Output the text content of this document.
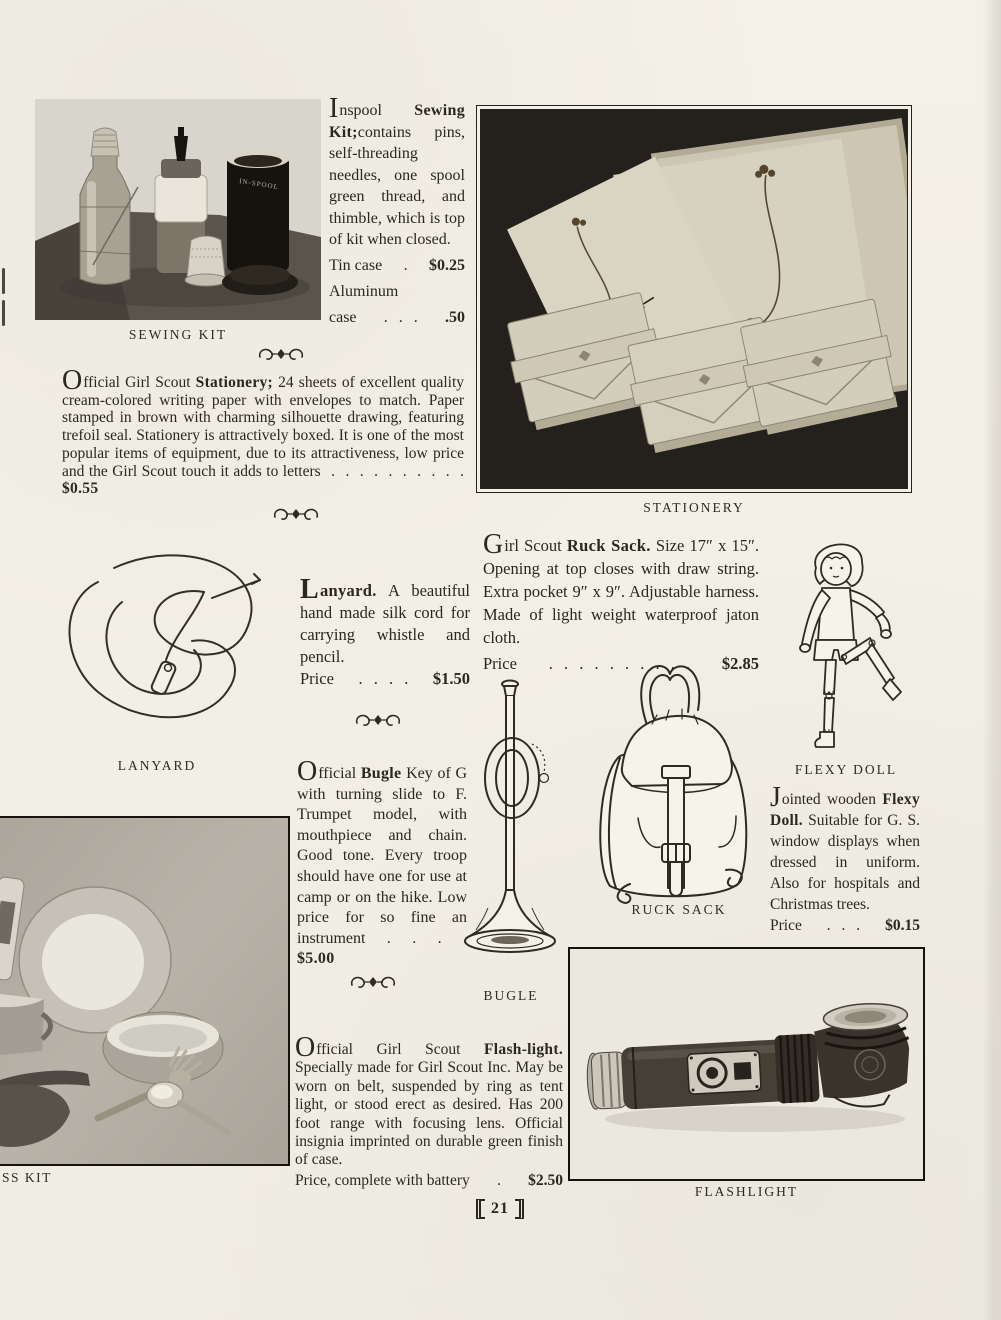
IN-SPOOL
SEWING KIT
Inspool Sewing Kit;contains pins, self-threading needles, one spool green thread, and thimble, which is top of kit when closed.
Tin case	.	$0.25
Aluminum
case	. . .	.50
STATIONERY
Official Girl Scout Stationery; 24 sheets of excellent quality cream-colored writing paper with envelopes to match. Paper stamped in brown with charming silhouette drawing, featuring trefoil seal. Stationery is attractively boxed. It is one of the most popular items of equipment, due to its attractiveness, low price and the Girl Scout touch it adds to letters . . . . . . . . . . $0.55
LANYARD
Lanyard. A beautiful hand made silk cord for carrying whistle and pencil.
Price	. . . .	$1.50
Girl Scout Ruck Sack. Size 17″ x 15″. Opening at top closes with draw string. Extra pocket 9″ x 9″. Adjustable harness. Made of light weight waterproof jaton cloth.
Price	. . . . . . . . . .	$2.85
FLEXY DOLL
Jointed wooden Flexy Doll. Suitable for G. S. window displays when dressed in uniform. Also for hospitals and Christmas trees.
Price	. . .	$0.15
BUGLE
Official Bugle Key of G with turning slide to F. Trumpet model, with mouthpiece and chain. Good tone. Every troop should have one for use at camp or on the hike. Low price for so fine an instrument . . . . $5.00
RUCK SACK
SS KIT
Official Girl Scout Flash-light. Specially made for Girl Scout Inc. May be worn on belt, suspended by ring as tent light, or stood erect as desired. Has 200 foot range with focusing lens. Official insignia imprinted on durable green finish of case.
Price, complete with battery	.	$2.50
FLASHLIGHT
21
